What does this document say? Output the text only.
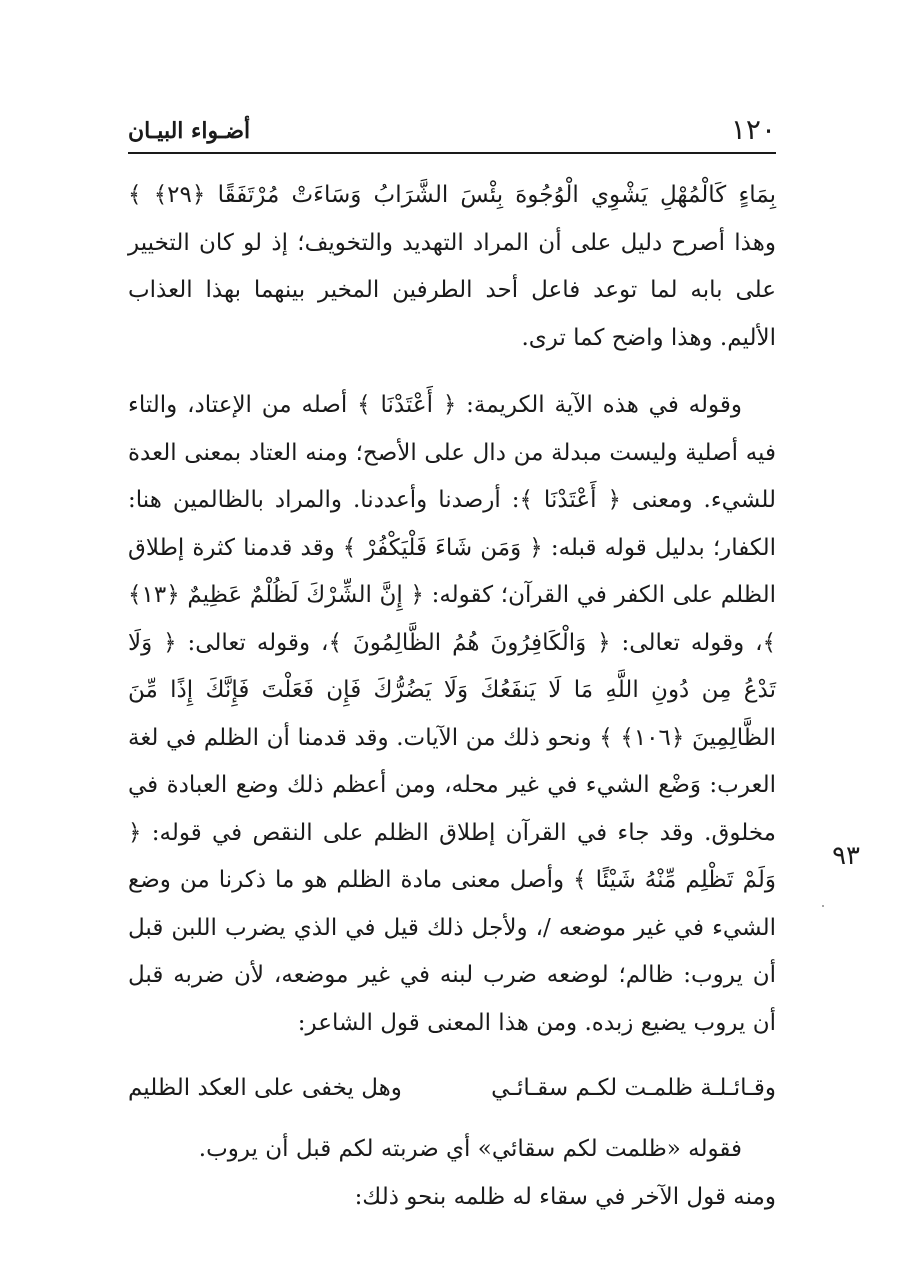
١٢٠
أضـواء البيـان
٩٣

بِمَاءٍ كَالْمُهْلِ يَشْوِي الْوُجُوهَ بِئْسَ الشَّرَابُ وَسَاءَتْ مُرْتَفَقًا ﴿٢٩﴾ ﴾ وهذا أصرح دليل على أن المراد التهديد والتخويف؛ إذ لو كان التخيير على بابه لما توعد فاعل أحد الطرفين المخير بينهما بهذا العذاب الأليم. وهذا واضح كما ترى.

وقوله في هذه الآية الكريمة: ﴿ أَعْتَدْنَا ﴾ أصله من الإعتاد، والتاء فيه أصلية وليست مبدلة من دال على الأصح؛ ومنه العتاد بمعنى العدة للشيء. ومعنى ﴿ أَعْتَدْنَا ﴾: أرصدنا وأعددنا. والمراد بالظالمين هنا: الكفار؛ بدليل قوله قبله: ﴿ وَمَن شَاءَ فَلْيَكْفُرْ ﴾ وقد قدمنا كثرة إطلاق الظلم على الكفر في القرآن؛ كقوله: ﴿ إِنَّ الشِّرْكَ لَظُلْمٌ عَظِيمٌ ﴿١٣﴾ ﴾، وقوله تعالى: ﴿ وَالْكَافِرُونَ هُمُ الظَّالِمُونَ ﴾، وقوله تعالى: ﴿ وَلَا تَدْعُ مِن دُونِ اللَّهِ مَا لَا يَنفَعُكَ وَلَا يَضُرُّكَ فَإِن فَعَلْتَ فَإِنَّكَ إِذًا مِّنَ الظَّالِمِينَ ﴿١٠٦﴾ ﴾ ونحو ذلك من الآيات. وقد قدمنا أن الظلم في لغة العرب: وَضْع الشيء في غير محله، ومن أعظم ذلك وضع العبادة في مخلوق. وقد جاء في القرآن إطلاق الظلم على النقص في قوله: ﴿ وَلَمْ تَظْلِم مِّنْهُ شَيْئًا ﴾ وأصل معنى مادة الظلم هو ما ذكرنا من وضع الشيء في غير موضعه /، ولأجل ذلك قيل في الذي يضرب اللبن قبل أن يروب: ظالم؛ لوضعه ضرب لبنه في غير موضعه، لأن ضربه قبل أن يروب يضيع زبده. ومن هذا المعنى قول الشاعر:

وقـائـلـة ظلمـت لكـم سقـائـي
وهل يخفى على العكد الظليم

فقوله «ظلمت لكم سقائي» أي ضربته لكم قبل أن يروب.

ومنه قول الآخر في سقاء له ظلمه بنحو ذلك:
